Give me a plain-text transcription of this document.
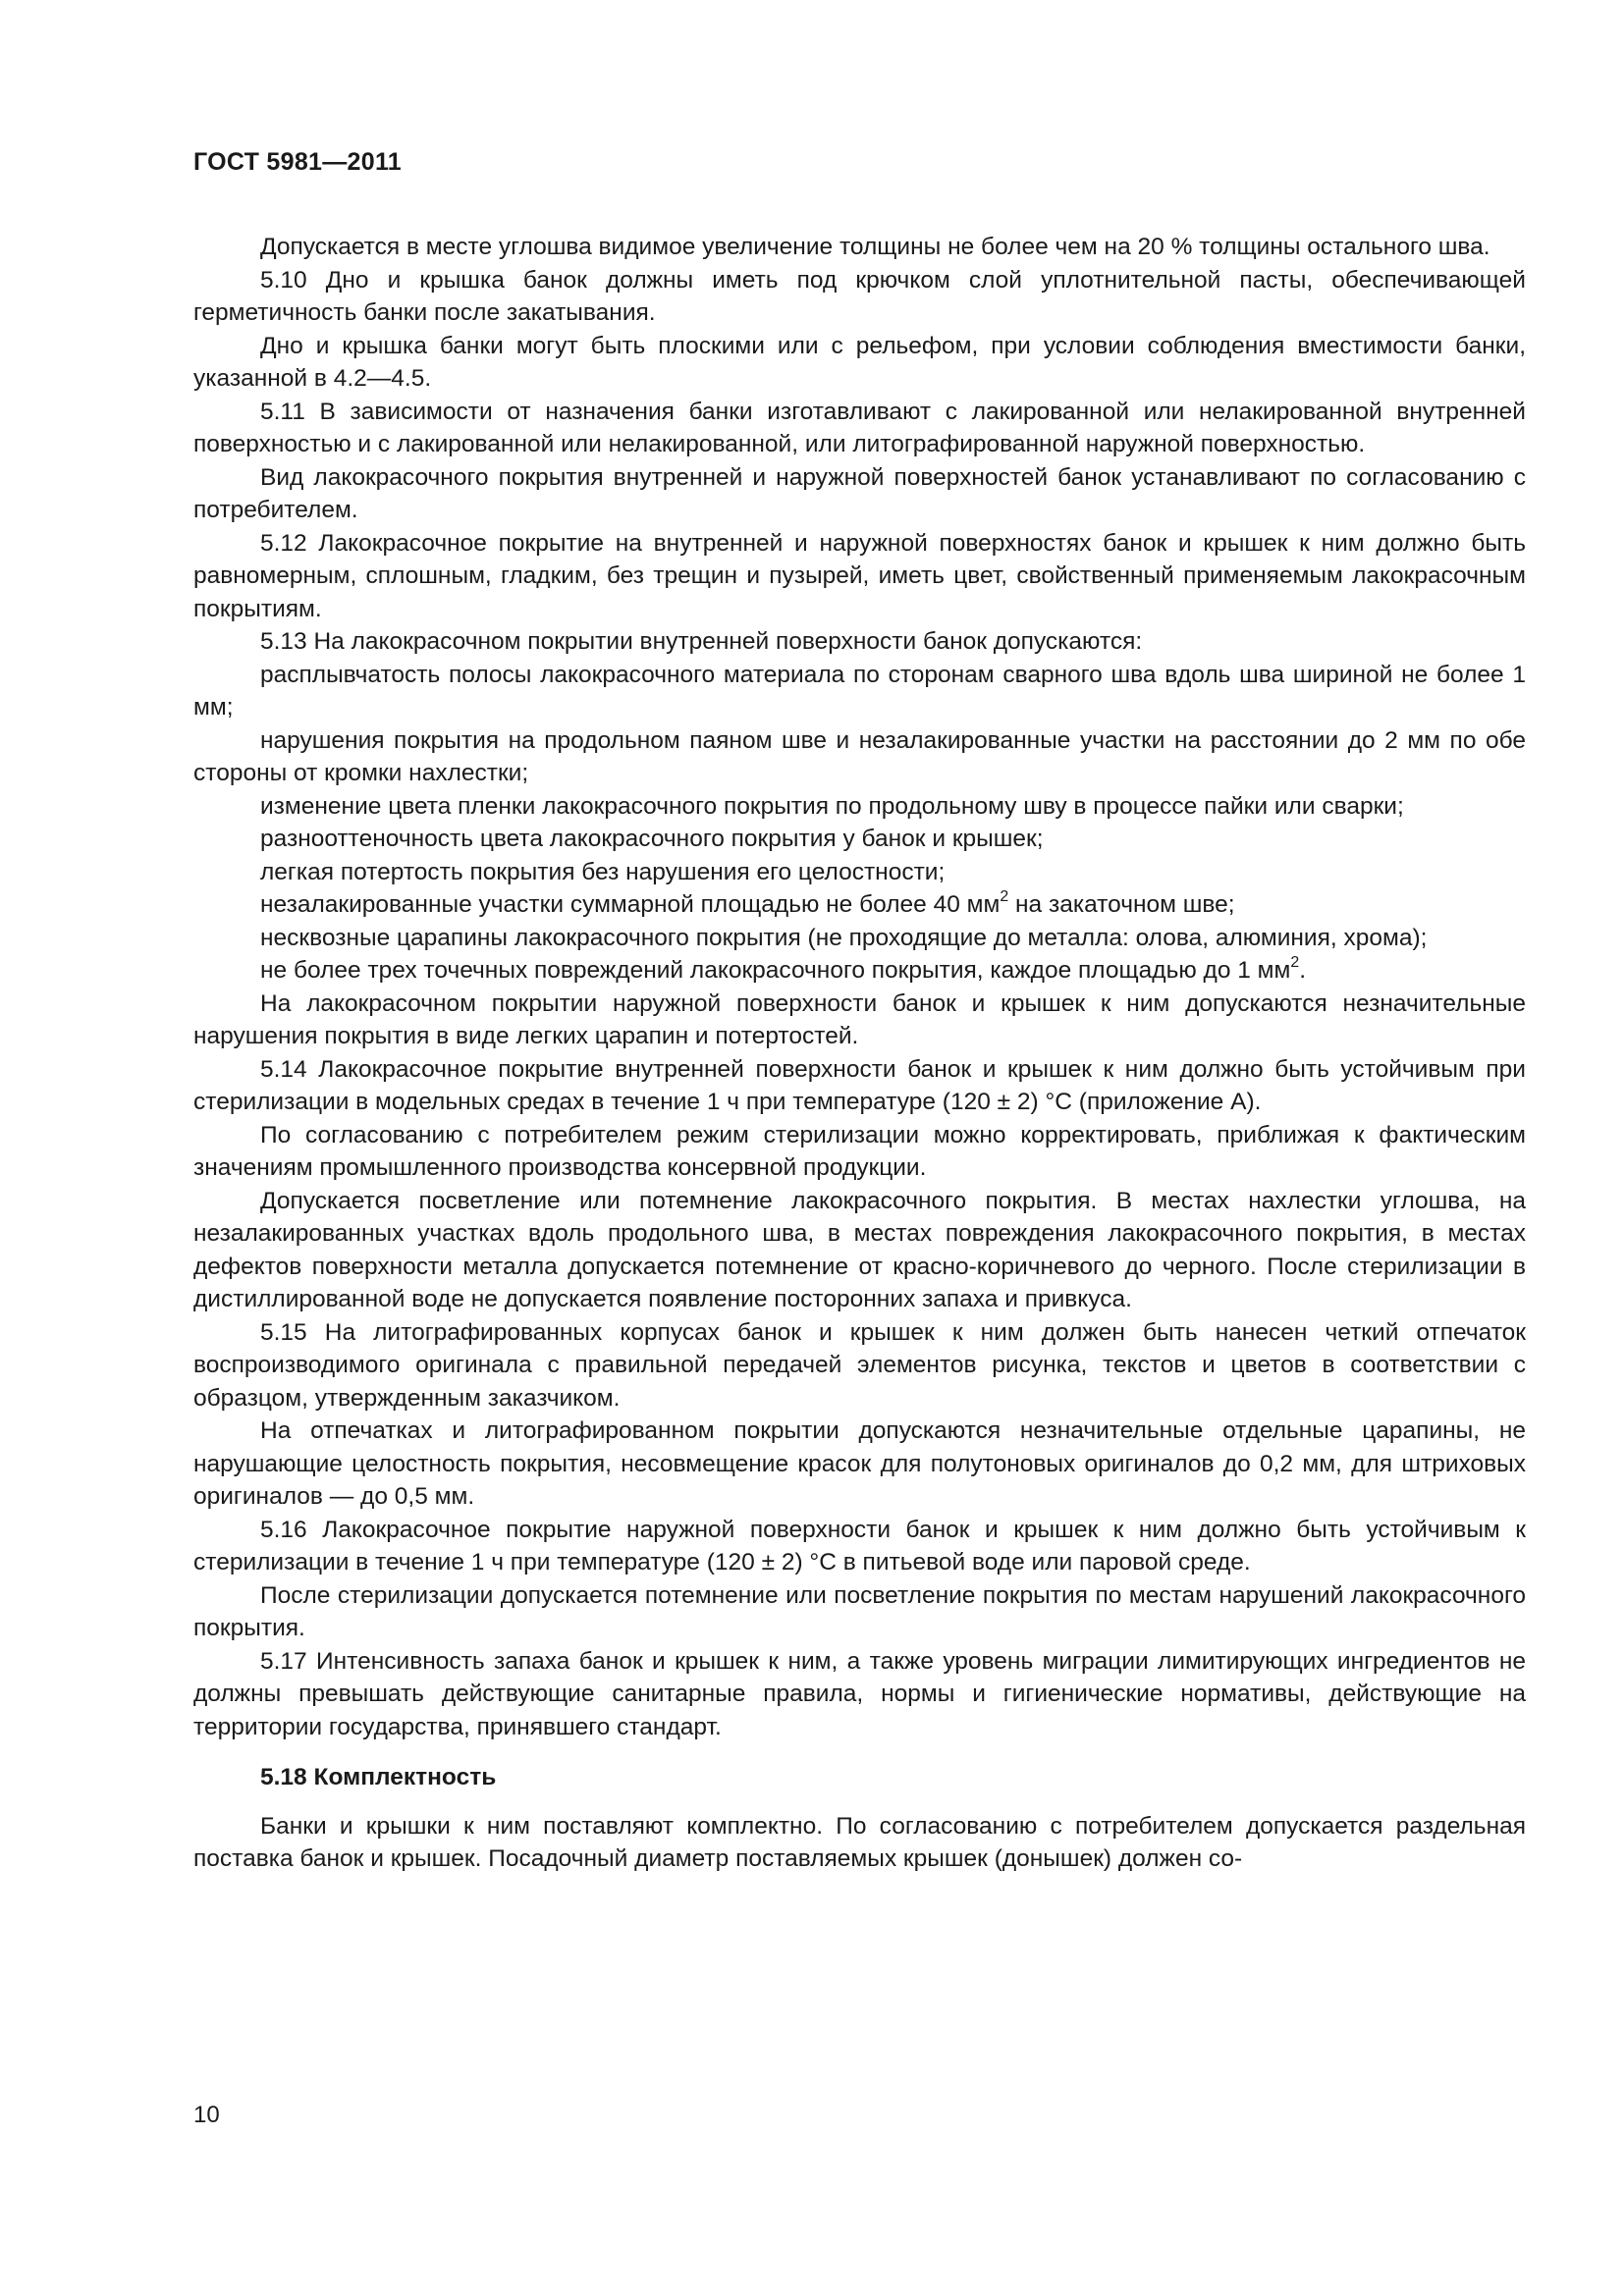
ГОСТ 5981—2011

Допускается в месте углошва видимое увеличение толщины не более чем на 20 % толщины остального шва.

5.10 Дно и крышка банок должны иметь под крючком слой уплотнительной пасты, обеспечивающей герметичность банки после закатывания.

Дно и крышка банки могут быть плоскими или с рельефом, при условии соблюдения вместимости банки, указанной в 4.2—4.5.

5.11 В зависимости от назначения банки изготавливают с лакированной или нелакированной внутренней поверхностью и с лакированной или нелакированной, или литографированной наружной поверхностью.

Вид лакокрасочного покрытия внутренней и наружной поверхностей банок устанавливают по согласованию с потребителем.

5.12 Лакокрасочное покрытие на внутренней и наружной поверхностях банок и крышек к ним должно быть равномерным, сплошным, гладким, без трещин и пузырей, иметь цвет, свойственный применяемым лакокрасочным покрытиям.

5.13 На лакокрасочном покрытии внутренней поверхности банок допускаются:

расплывчатость полосы лакокрасочного материала по сторонам сварного шва вдоль шва шириной не более 1 мм;

нарушения покрытия на продольном паяном шве и незалакированные участки на расстоянии до 2 мм по обе стороны от кромки нахлестки;

изменение цвета пленки лакокрасочного покрытия по продольному шву в процессе пайки или сварки;

разнооттеночность цвета лакокрасочного покрытия у банок и крышек;

легкая потертость покрытия без нарушения его целостности;

незалакированные участки суммарной площадью не более 40 $мм^2$ на закаточном шве;

несквозные царапины лакокрасочного покрытия (не проходящие до металла: олова, алюминия, хрома);

не более трех точечных повреждений лакокрасочного покрытия, каждое площадью до 1 $мм^2$.

На лакокрасочном покрытии наружной поверхности банок и крышек к ним допускаются незначительные нарушения покрытия в виде легких царапин и потертостей.

5.14 Лакокрасочное покрытие внутренней поверхности банок и крышек к ним должно быть устойчивым при стерилизации в модельных средах в течение 1 ч при температуре (120 ± 2) °С (приложение А).

По согласованию с потребителем режим стерилизации можно корректировать, приближая к фактическим значениям промышленного производства консервной продукции.

Допускается посветление или потемнение лакокрасочного покрытия. В местах нахлестки углошва, на незалакированных участках вдоль продольного шва, в местах повреждения лакокрасочного покрытия, в местах дефектов поверхности металла допускается потемнение от красно-коричневого до черного. После стерилизации в дистиллированной воде не допускается появление посторонних запаха и привкуса.

5.15 На литографированных корпусах банок и крышек к ним должен быть нанесен четкий отпечаток воспроизводимого оригинала с правильной передачей элементов рисунка, текстов и цветов в соответствии с образцом, утвержденным заказчиком.

На отпечатках и литографированном покрытии допускаются незначительные отдельные царапины, не нарушающие целостность покрытия, несовмещение красок для полутоновых оригиналов до 0,2 мм, для штриховых оригиналов — до 0,5 мм.

5.16 Лакокрасочное покрытие наружной поверхности банок и крышек к ним должно быть устойчивым к стерилизации в течение 1 ч при температуре (120 ± 2) °С в питьевой воде или паровой среде.

После стерилизации допускается потемнение или посветление покрытия по местам нарушений лакокрасочного покрытия.

5.17 Интенсивность запаха банок и крышек к ним, а также уровень миграции лимитирующих ингредиентов не должны превышать действующие санитарные правила, нормы и гигиенические нормативы, действующие на территории государства, принявшего стандарт.

5.18 Комплектность

Банки и крышки к ним поставляют комплектно. По согласованию с потребителем допускается раздельная поставка банок и крышек. Посадочный диаметр поставляемых крышек (донышек) должен со-

10
